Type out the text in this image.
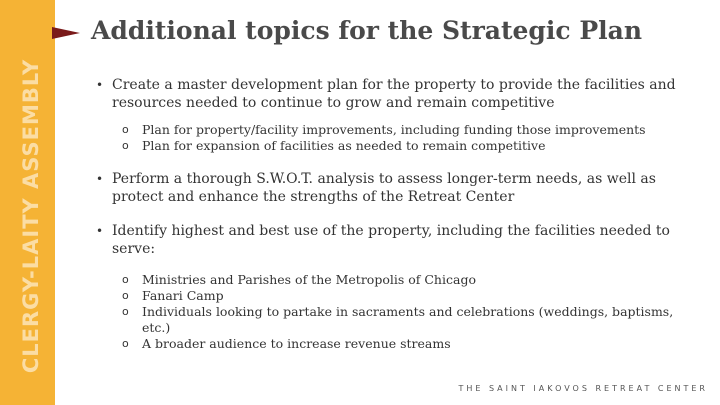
CLERGY-LAITY ASSEMBLY
Additional topics for the Strategic Plan
• Create a master development plan for the property to provide the facilities and resources needed to continue to grow and remain competitive
o Plan for property/facility improvements, including funding those improvements
o Plan for expansion of facilities as needed to remain competitive
• Perform a thorough S.W.O.T. analysis to assess longer-term needs, as well as protect and enhance the strengths of the Retreat Center
• Identify highest and best use of the property, including the facilities needed to serve:
o Ministries and Parishes of the Metropolis of Chicago
o Fanari Camp
o Individuals looking to partake in sacraments and celebrations (weddings, baptisms, etc.)
o A broader audience to increase revenue streams
THE SAINT IAKOVOS RETREAT CENTER
